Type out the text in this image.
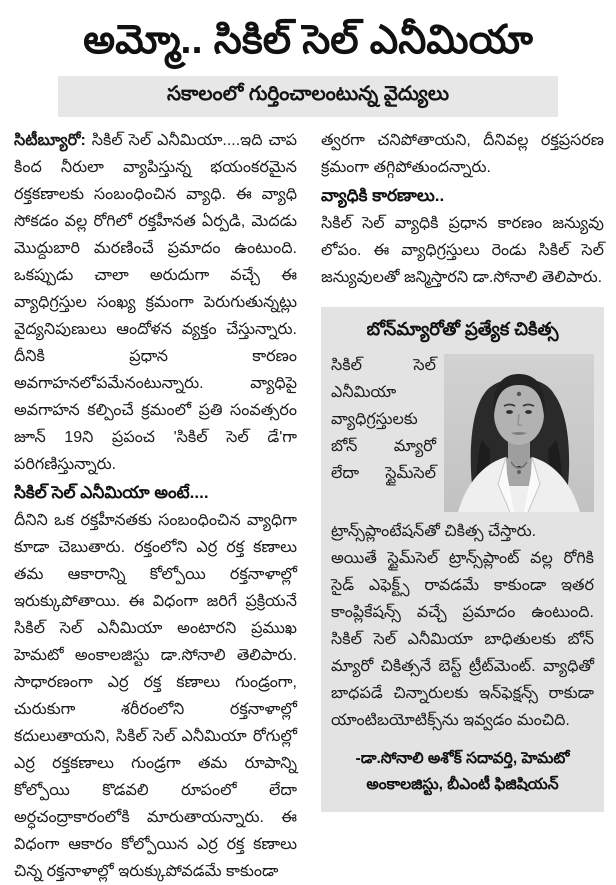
అమ్మో.. సికిల్ సెల్ ఎనీమియా
సకాలంలో గుర్తించాలంటున్న వైద్యులు

సిటీబ్యూరో: సికిల్ సెల్ ఎనీమియా....ఇది చాప కింద నీరులా వ్యాపిస్తున్న భయంకరమైన రక్తకణాలకు సంబంధించిన వ్యాధి. ఈ వ్యాధి సోకడం వల్ల రోగిలో రక్తహీనత ఏర్పడి, మెదడు మొద్దుబారి మరణించే ప్రమాదం ఉంటుంది. ఒకప్పుడు చాలా అరుదుగా వచ్చే ఈ వ్యాధిగ్రస్తుల సంఖ్య క్రమంగా పెరుగుతున్నట్లు వైద్యనిపుణులు ఆందోళన వ్యక్తం చేస్తున్నారు. దీనికి ప్రధాన కారణం అవగాహనలోపమేనంటున్నారు. వ్యాధిపై అవగాహన కల్పించే క్రమంలో ప్రతి సంవత్సరం జూన్ 19ని ప్రపంచ 'సికిల్ సెల్ డే'గా పరిగణిస్తున్నారు.

సికిల్ సెల్ ఎనీమియా అంటే....

దీనిని ఒక రక్తహీనతకు సంబంధించిన వ్యాధిగా కూడా చెబుతారు. రక్తంలోని ఎర్ర రక్త కణాలు తమ ఆకారాన్ని కోల్పోయి రక్తనాళాల్లో ఇరుక్కుపోతాయి. ఈ విధంగా జరిగే ప్రక్రియనే సికిల్ సెల్ ఎనీమియా అంటారని ప్రముఖ హెమటో అంకాలజిస్టు డా.సోనాలి తెలిపారు. సాధారణంగా ఎర్ర రక్త కణాలు గుండ్రంగా, చురుకుగా శరీరంలోని రక్తనాళాల్లో కదులుతాయని, సికిల్ సెల్ ఎనీమియా రోగుల్లో ఎర్ర రక్తకణాలు గుండ్రగా తమ రూపాన్ని కోల్పోయి కొడవలి రూపంలో లేదా అర్ధచంద్రాకారంలోకి మారుతాయన్నారు. ఈ విధంగా ఆకారం కోల్పోయిన ఎర్ర రక్త కణాలు చిన్న రక్తనాళాల్లో ఇరుక్కుపోవడమే కాకుండా

త్వరగా చనిపోతాయని, దీనివల్ల రక్తప్రసరణ క్రమంగా తగ్గిపోతుందన్నారు.

వ్యాధికి కారణాలు..

సికిల్ సెల్ వ్యాధికి ప్రధాన కారణం జన్యువు లోపం. ఈ వ్యాధిగ్రస్తులు రెండు సికిల్ సెల్ జన్యువులతో జన్మిస్తారని డా.సోనాలి తెలిపారు.

బోన్‌మ్యారోతో ప్రత్యేక చికిత్స

సికిల్ సెల్ ఎనీమియా వ్యాధిగ్రస్తులకు బోన్ మ్యారో లేదా స్టైమ్‌సెల్ ట్రాన్స్‌ప్లాంటేషన్‌తో చికిత్స చేస్తారు.

అయితే స్టైమ్‌సెల్ ట్రాన్స్‌ప్లాంట్ వల్ల రోగికి సైడ్ ఎఫెక్ట్స్ రావడమే కాకుండా ఇతర కాంప్లికేషన్స్ వచ్చే ప్రమాదం ఉంటుంది. సికిల్ సెల్ ఎనీమియా బాధితులకు బోన్ మ్యారో చికిత్సనే బెస్ట్ ట్రీట్‌మెంట్. వ్యాధితో బాధపడే చిన్నారులకు ఇన్‌ఫెక్షన్స్ రాకుడా యాంటిబయోటిక్స్‌ను ఇవ్వడం మంచిది.

-డా.సోనాలి అశోక్ సదావర్తి, హెమటో
అంకాలజిస్టు, బీఎంటీ ఫిజిషియన్
